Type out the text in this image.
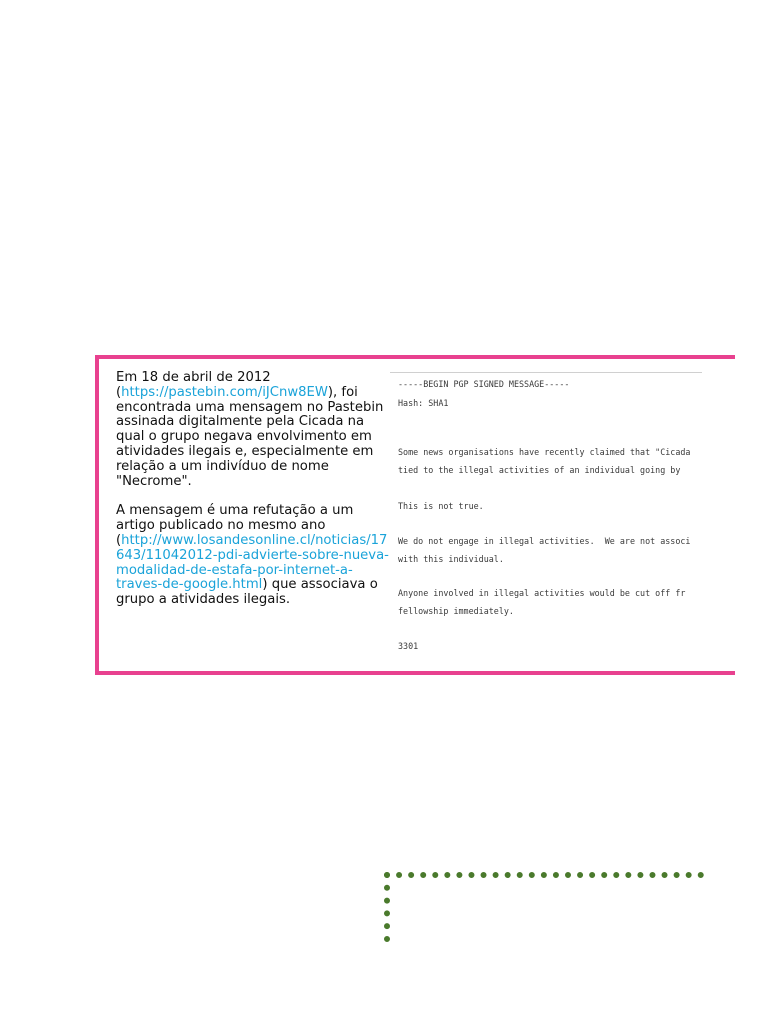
Em 18 de abril de 2012 (https://pastebin.com/iJCnw8EW), foi encontrada uma mensagem no Pastebin assinada digitalmente pela Cicada na qual o grupo negava envolvimento em atividades ilegais e, especialmente em relação a um indivíduo de nome "Necrome".

A mensagem é uma refutação a um artigo publicado no mesmo ano (http://www.losandesonline.cl/noticias/17643/11042012-pdi-advierte-sobre-nueva-modalidad-de-estafa-por-internet-a-traves-de-google.html) que associava o grupo a atividades ilegais.

-----BEGIN PGP SIGNED MESSAGE-----
Hash: SHA1
Some news organisations have recently claimed that "Cicada
tied to the illegal activities of an individual going by
This is not true.
We do not engage in illegal activities.  We are not associ
with this individual.
Anyone involved in illegal activities would be cut off fr
fellowship immediately.
3301
